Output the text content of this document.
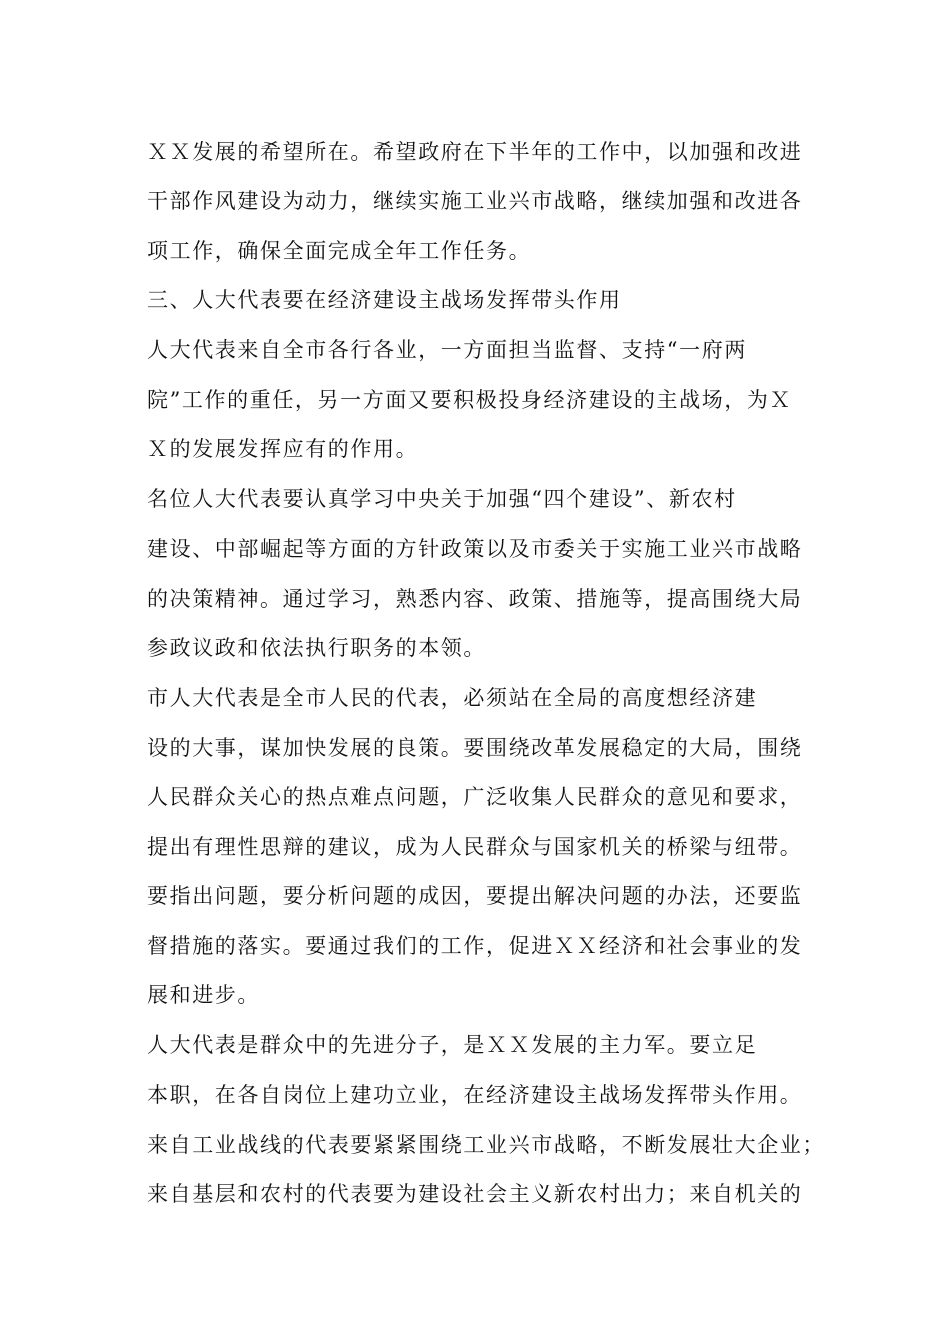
ＸＸ发展的希望所在。希望政府在下半年的工作中，以加强和改进
干部作风建设为动力，继续实施工业兴市战略，继续加强和改进各
项工作，确保全面完成全年工作任务。
三、人大代表要在经济建设主战场发挥带头作用
人大代表来自全市各行各业，一方面担当监督、支持“一府两
院”工作的重任，另一方面又要积极投身经济建设的主战场，为Ｘ
Ｘ的发展发挥应有的作用。
名位人大代表要认真学习中央关于加强“四个建设”、新农村
建设、中部崛起等方面的方针政策以及市委关于实施工业兴市战略
的决策精神。通过学习，熟悉内容、政策、措施等，提高围绕大局
参政议政和依法执行职务的本领。
市人大代表是全市人民的代表，必须站在全局的高度想经济建
设的大事，谋加快发展的良策。要围绕改革发展稳定的大局，围绕
人民群众关心的热点难点问题，广泛收集人民群众的意见和要求，
提出有理性思辩的建议，成为人民群众与国家机关的桥梁与纽带。
要指出问题，要分析问题的成因，要提出解决问题的办法，还要监
督措施的落实。要通过我们的工作，促进ＸＸ经济和社会事业的发
展和进步。
人大代表是群众中的先进分子，是ＸＸ发展的主力军。要立足
本职，在各自岗位上建功立业，在经济建设主战场发挥带头作用。
来自工业战线的代表要紧紧围绕工业兴市战略，不断发展壮大企业；
来自基层和农村的代表要为建设社会主义新农村出力；来自机关的
